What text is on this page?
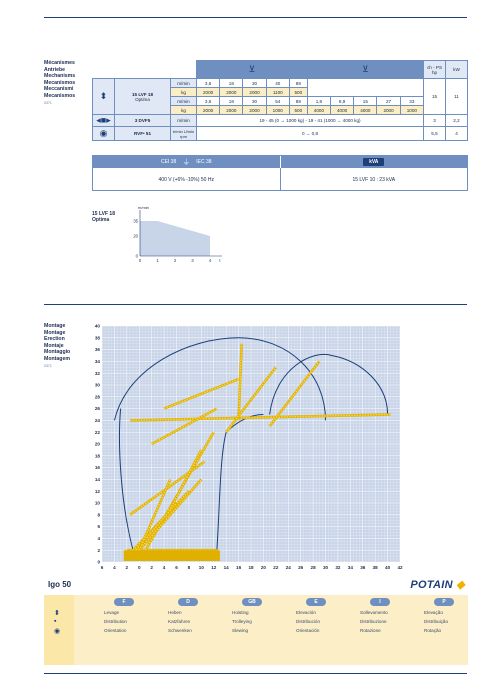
Mécanismes
Antriebe
Mechanisms
Mecanismos
Meccanismi
Mecanismos
0371
			⊻					⊻					ch - PS hp	kW
⬍	15 LVF 18
Optima	m/min	3,6	18	30	40	88						15	11
		kg	2000	2000	2000	1100	500							
		m/min	3,6	18	30	54	88	1,8	8,9	15	27	33		
		kg	2000	2000	2000	1000	500	4000	4000	4000	2000	1000		
◂■▸	3 DVF5	m/min	19 - 45 (0 → 1000 kg) - 19 - 41 (1000 → 4000 kg)										3	2,2
◉	RVF• 51	tr/min U/min rpm	0 → 0,8										5,5	4
CEI 38 ⏚ IEC 38	kVA
400 V (+6% -10%) 50 Hz	15 LVF 10 : 23 kVA
15 LVF 18
Optima
m/min
0
20
35
0	1	2	3	4 t
Montage
Montage
Erection
Montaje
Montaggio
Montagem
0371
0
2
4
6
8
10
12
14
16
18
20
22
24
26
28
30
32
34
36
38
40
6 4 2 0 2 4 6 8 10 12 14 16 18 20 22 24 26 28 30 32 34 36 38 40 42
Igo 50	POTAIN ◆
⬍
▪
◉
F
Levage
Distribution
Orientation
D
Heben
Katzfahren
Schwenken
GB
Hoisting
Trolleying
Slewing
E
Elevación
Distribución
Orientación
I
Sollevamento
Distribuzione
Rotazione
P
Elevação
Distribuição
Rotação
